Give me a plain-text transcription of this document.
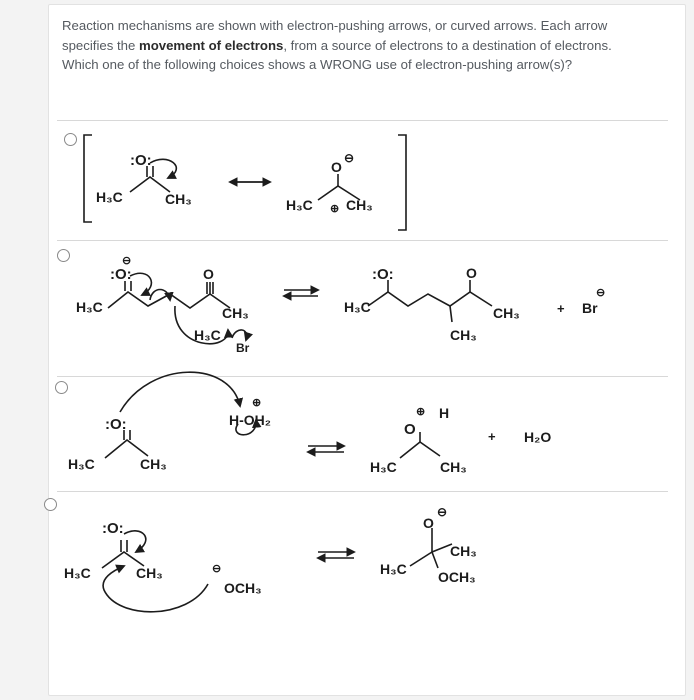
Reaction mechanisms are shown with electron-pushing arrows, or curved arrows. Each arrow specifies the movement of electrons, from a source of electrons to a destination of electrons. Which one of the following choices shows a WRONG use of electron-pushing arrow(s)?
:O:
H₃C	CH₃
O
⊖
H₃C ⊕ CH₃
:O:
⊖
H₃C
O
CH₃
H₃C
Br
:O:	O
H₃C	CH₃
CH₃
+ Br
⊖
:O:
H₃C	CH₃
⊕
H-OH₂	⊕ H
O
H₃C	CH₃
+ H₂O
:O:
H₃C	CH₃	⊖
OCH₃
O
⊖
H₃C
CH₃
OCH₃
